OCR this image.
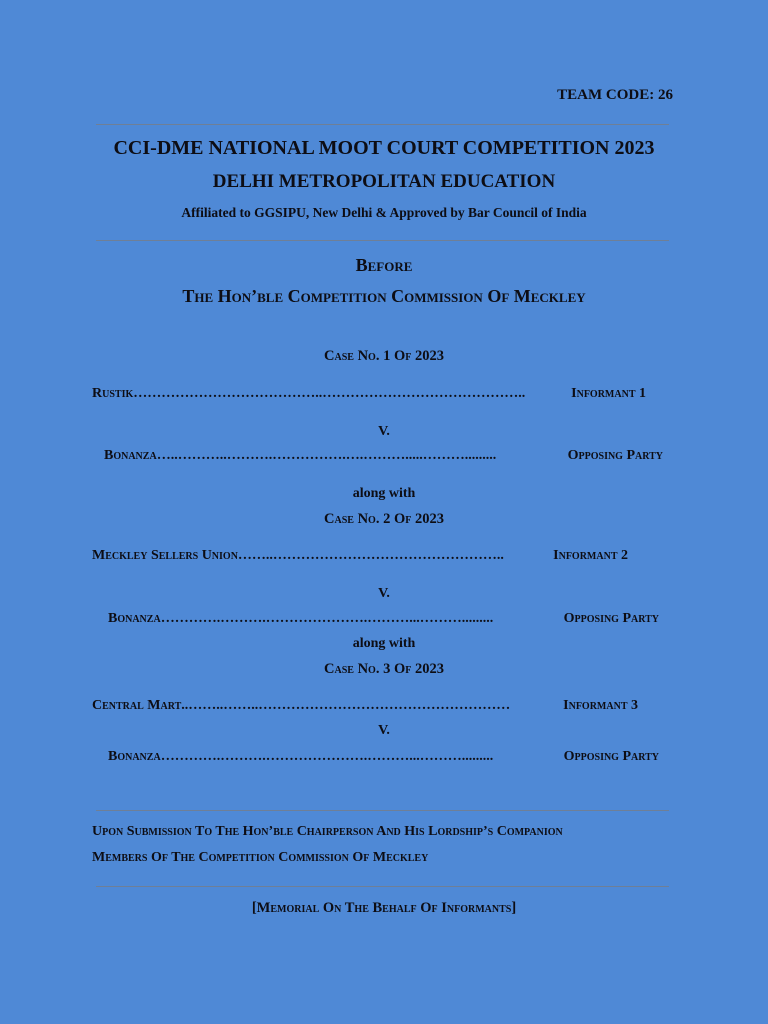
TEAM CODE: 26
CCI-DME NATIONAL MOOT COURT COMPETITION 2023
DELHI METROPOLITAN EDUCATION
Affiliated to GGSIPU, New Delhi & Approved by Bar Council of India
Before
The Hon’ble Competition Commission Of Meckley
Case No. 1 Of 2023
Rustik …………………………………..……………………………………..	Informant 1
V.
Bonanza …..………..……….…………….….……….....……….........	Opposing Party
along with
Case No. 2 Of 2023
Meckley Sellers Union ……..…………………………………………..	Informant 2
V.
Bonanza ………….……….………………….………...……….........	Opposing Party
along with
Case No. 3 Of 2023
Central Mart ..……..……..………………………………………………	Informant 3
V.
Bonanza ………….……….………………….………...……….........	Opposing Party
Upon Submission To The Hon’ble Chairperson And His Lordship’s Companion
Members Of The Competition Commission Of Meckley
[Memorial On The Behalf Of Informants]
